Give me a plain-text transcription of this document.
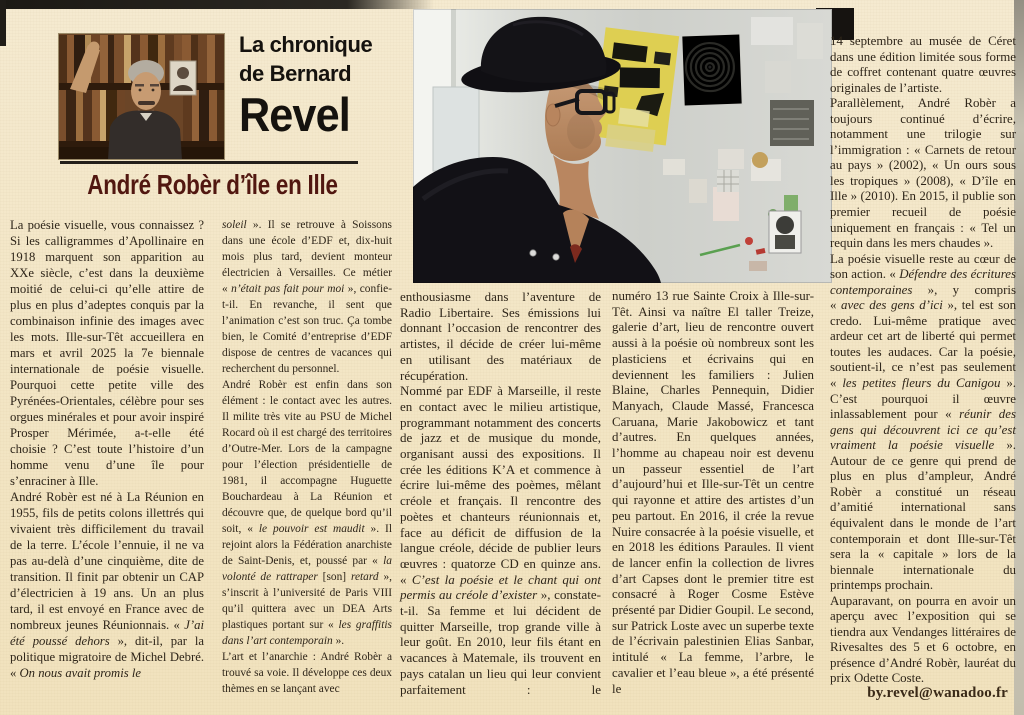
La chronique
de Bernard
Revel
André Robèr d’île en Ille

La poésie visuelle, vous connaissez ? Si les calligrammes d’Apollinaire en 1918 marquent son apparition au XXe siècle, c’est dans la deuxième moitié de celui-ci qu’elle attire de plus en plus d’adeptes conquis par la combinaison infinie des images avec les mots. Ille-sur-Têt accueillera en mars et avril 2025 la 7e biennale internationale de poésie visuelle. Pourquoi cette petite ville des Pyrénées-Orientales, célèbre pour ses orgues minérales et pour avoir inspiré Prosper Mérimée, a-t-elle été choisie ? C’est toute l’histoire d’un homme venu d’une île pour s’enraciner à Ille.

André Robèr est né à La Réunion en 1955, fils de petits colons illettrés qui vivaient très difficilement du travail de la terre. L’école l’ennuie, il ne va pas au-delà d’une cinquième, dite de transition. Il finit par obtenir un CAP d’électricien à 19 ans. Un an plus tard, il est envoyé en France avec de nombreux jeunes Réunionnais. « J’ai été poussé dehors », dit-il, par la politique migratoire de Michel Debré. « On nous avait promis le

soleil ». Il se retrouve à Soissons dans une école d’EDF et, dix-huit mois plus tard, devient monteur électricien à Versailles. Ce métier « n’était pas fait pour moi », confie-t-il. En revanche, il sent que l’animation c’est son truc. Ça tombe bien, le Comité d’entreprise d’EDF dispose de centres de vacances qui recherchent du personnel.

André Robèr est enfin dans son élément : le contact avec les autres. Il milite très vite au PSU de Michel Rocard où il est chargé des territoires d’Outre-Mer. Lors de la campagne pour l’élection présidentielle de 1981, il accompagne Huguette Bouchardeau à La Réunion et découvre que, de quelque bord qu’il soit, « le pouvoir est maudit ». Il rejoint alors la Fédération anarchiste de Saint-Denis, et, poussé par « la volonté de rattraper [son] retard », s’inscrit à l’université de Paris VIII qu’il quittera avec un DEA Arts plastiques portant sur « les graffitis dans l’art contemporain ».

L’art et l’anarchie : André Robèr a trouvé sa voie. Il développe ces deux thèmes en se lançant avec

enthousiasme dans l’aventure de Radio Libertaire. Ses émissions lui donnant l’occasion de rencontrer des artistes, il décide de créer lui-même en utilisant des matériaux de récupération.

Nommé par EDF à Marseille, il reste en contact avec le milieu artistique, programmant notamment des concerts de jazz et de musique du monde, organisant aussi des expositions. Il crée les éditions K’A et commence à écrire lui-même des poèmes, mêlant créole et français. Il rencontre des poètes et chanteurs réunionnais et, face au déficit de diffusion de la langue créole, décide de publier leurs œuvres : quatorze CD en quinze ans. « C’est la poésie et le chant qui ont permis au créole d’exister », constate-t-il. Sa femme et lui décident de quitter Marseille, trop grande ville à leur goût. En 2010, leur fils étant en vacances à Matemale, ils trouvent en pays catalan un lieu qui leur convient parfaitement : le

numéro 13 rue Sainte Croix à Ille-sur-Têt. Ainsi va naître El taller Treize, galerie d’art, lieu de rencontre ouvert aussi à la poésie où nombreux sont les plasticiens et écrivains qui en deviennent les familiers : Julien Blaine, Charles Pennequin, Didier Manyach, Claude Massé, Francesca Caruana, Marie Jakobowicz et tant d’autres. En quelques années, l’homme au chapeau noir est devenu un passeur essentiel de l’art d’aujourd’hui et Ille-sur-Têt un centre qui rayonne et attire des artistes d’un peu partout. En 2016, il crée la revue Nuire consacrée à la poésie visuelle, et en 2018 les éditions Paraules. Il vient de lancer enfin la collection de livres d’art Capses dont le premier titre est consacré à Roger Cosme Estève présenté par Didier Goupil. Le second, sur Patrick Loste avec un superbe texte de l’écrivain palestinien Elias Sanbar, intitulé « La femme, l’arbre, le cavalier et l’eau bleue », a été présenté le

14 septembre au musée de Céret dans une édition limitée sous forme de coffret contenant quatre œuvres originales de l’artiste.

Parallèlement, André Robèr a toujours continué d’écrire, notamment une trilogie sur l’immigration : « Carnets de retour au pays » (2002), « Un ours sous les tropiques » (2008), « D’île en Ille » (2010). En 2015, il publie son premier recueil de poésie uniquement en français : « Tel un requin dans les mers chaudes ».

La poésie visuelle reste au cœur de son action. « Défendre des écritures contemporaines », y compris « avec des gens d’ici », tel est son credo. Lui-même pratique avec ardeur cet art de liberté qui permet toutes les audaces. Car la poésie, soutient-il, ce n’est pas seulement « les petites fleurs du Canigou ». C’est pourquoi il œuvre inlassablement pour « réunir des gens qui découvrent ici ce qu’est vraiment la poésie visuelle ». Autour de ce genre qui prend de plus en plus d’ampleur, André Robèr a constitué un réseau d’amitié international sans équivalent dans le monde de l’art contemporain et dont Ille-sur-Têt sera la « capitale » lors de la biennale internationale du printemps prochain.

Auparavant, on pourra en avoir un aperçu avec l’exposition qui se tiendra aux Vendanges littéraires de Rivesaltes des 5 et 6 octobre, en présence d’André Robèr, lauréat du prix Odette Coste.

by.revel@wanadoo.fr
